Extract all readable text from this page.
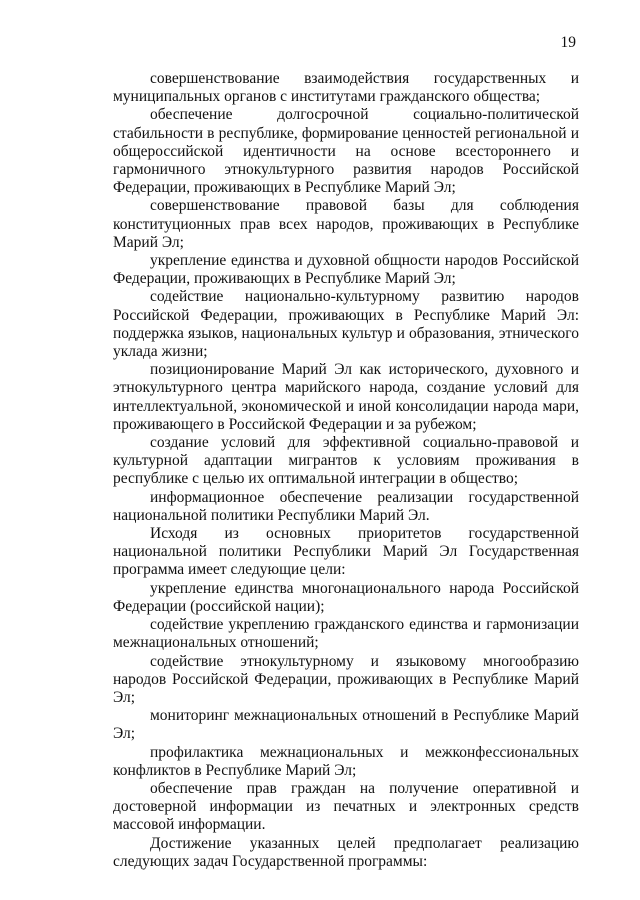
19

совершенствование взаимодействия государственных и муниципальных органов с институтами гражданского общества;

обеспечение долгосрочной социально-политической стабильности в республике, формирование ценностей региональной и общероссийской идентичности на основе всестороннего и гармоничного этнокультурного развития народов Российской Федерации, проживающих в Республике Марий Эл;

совершенствование правовой базы для соблюдения конституционных прав всех народов, проживающих в Республике Марий Эл;

укрепление единства и духовной общности народов Российской Федерации, проживающих в Республике Марий Эл;

содействие национально-культурному развитию народов Российской Федерации, проживающих в Республике Марий Эл: поддержка языков, национальных культур и образования, этнического уклада жизни;

позиционирование Марий Эл как исторического, духовного и этнокультурного центра марийского народа, создание условий для интеллектуальной, экономической и иной консолидации народа мари, проживающего в Российской Федерации и за рубежом;

создание условий для эффективной социально-правовой и культурной адаптации мигрантов к условиям проживания в республике с целью их оптимальной интеграции в общество;

информационное обеспечение реализации государственной национальной политики Республики Марий Эл.

Исходя из основных приоритетов государственной национальной политики Республики Марий Эл Государственная программа имеет следующие цели:

укрепление единства многонационального народа Российской Федерации (российской нации);

содействие укреплению гражданского единства и гармонизации межнациональных отношений;

содействие этнокультурному и языковому многообразию народов Российской Федерации, проживающих в Республике Марий Эл;

мониторинг межнациональных отношений в Республике Марий Эл;

профилактика межнациональных и межконфессиональных конфликтов в Республике Марий Эл;

обеспечение прав граждан на получение оперативной и достоверной информации из печатных и электронных средств массовой информации.

Достижение указанных целей предполагает реализацию следующих задач Государственной программы:
